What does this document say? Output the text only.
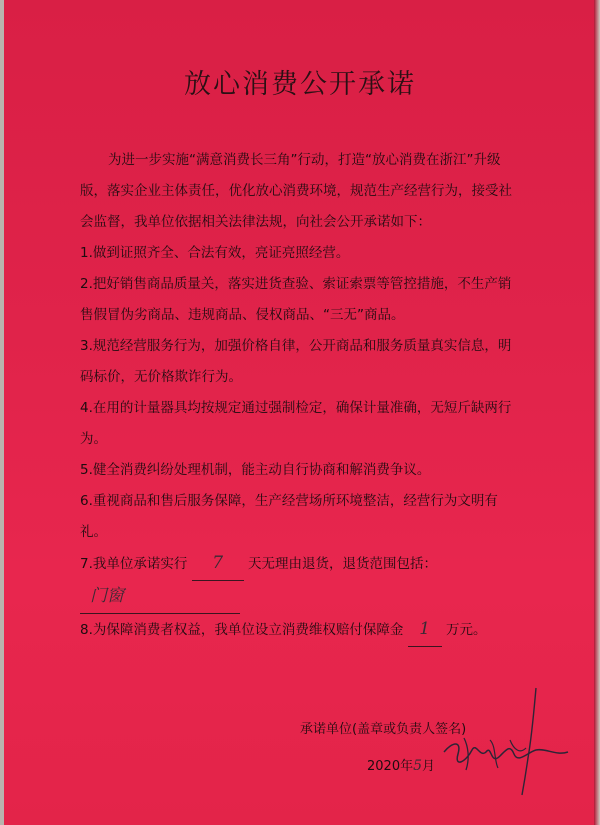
放心消费公开承诺

为进一步实施“满意消费长三角”行动，打造“放心消费在浙江”升级版，落实企业主体责任，优化放心消费环境，规范生产经营行为，接受社会监督，我单位依据相关法律法规，向社会公开承诺如下：

1.做到证照齐全、合法有效，亮证亮照经营。

2.把好销售商品质量关，落实进货查验、索证索票等管控措施，不生产销售假冒伪劣商品、违规商品、侵权商品、“三无”商品。

3.规范经营服务行为，加强价格自律，公开商品和服务质量真实信息，明码标价，无价格欺诈行为。

4.在用的计量器具均按规定通过强制检定，确保计量准确，无短斤缺两行为。

5.健全消费纠纷处理机制，能主动自行协商和解消费争议。

6.重视商品和售后服务保障，生产经营场所环境整洁，经营行为文明有礼。

7.我单位承诺实行 7 天无理由退货，退货范围包括： 门窗

8.为保障消费者权益，我单位设立消费维权赔付保障金 1 万元。

承诺单位(盖章或负责人签名)
2020年5月
